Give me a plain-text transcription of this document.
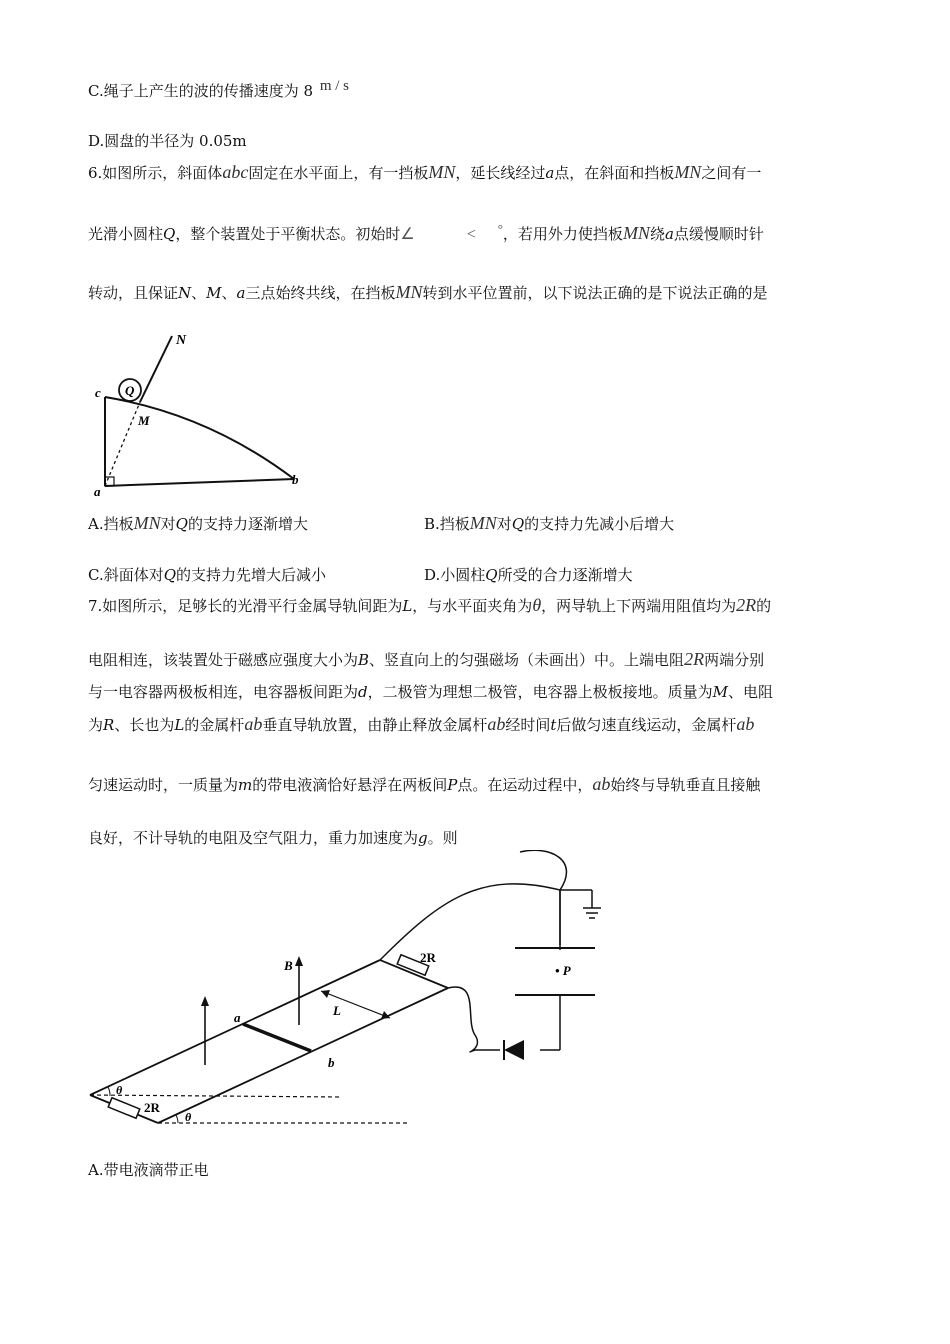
C.绳子上产生的波的传播速度为 8 m / s
D.圆盘的半径为 0.05m
6.如图所示，斜面体abc固定在水平面上，有一挡板MN，延长线经过a点，在斜面和挡板MN之间有一
光滑小圆柱Q，整个装置处于平衡状态。初始时∠	< °，若用外力使挡板MN绕a点缓慢顺时针
转动，且保证N、M、a三点始终共线，在挡板MN转到水平位置前，以下说法正确的是下说法正确的是
N
Q
c
M
a
b
A.挡板MN对Q的支持力逐渐增大	B.挡板MN对Q的支持力先减小后增大
C.斜面体对Q的支持力先增大后减小	D.小圆柱Q所受的合力逐渐增大
7.如图所示，足够长的光滑平行金属导轨间距为L，与水平面夹角为θ，两导轨上下两端用阻值均为2R的
电阻相连，该装置处于磁感应强度大小为B、竖直向上的匀强磁场（未画出）中。上端电阻2R两端分别
与一电容器两极板相连，电容器板间距为d，二极管为理想二极管，电容器上极板接地。质量为M、电阻
为R、长也为L的金属杆ab垂直导轨放置，由静止释放金属杆ab经时间t后做匀速直线运动，金属杆ab
匀速运动时，一质量为m的带电液滴恰好悬浮在两板间P点。在运动过程中，ab始终与导轨垂直且接触
良好，不计导轨的电阻及空气阻力，重力加速度为g。则
B
2R
• P
a	L
b
θ
2R
θ
A.带电液滴带正电
